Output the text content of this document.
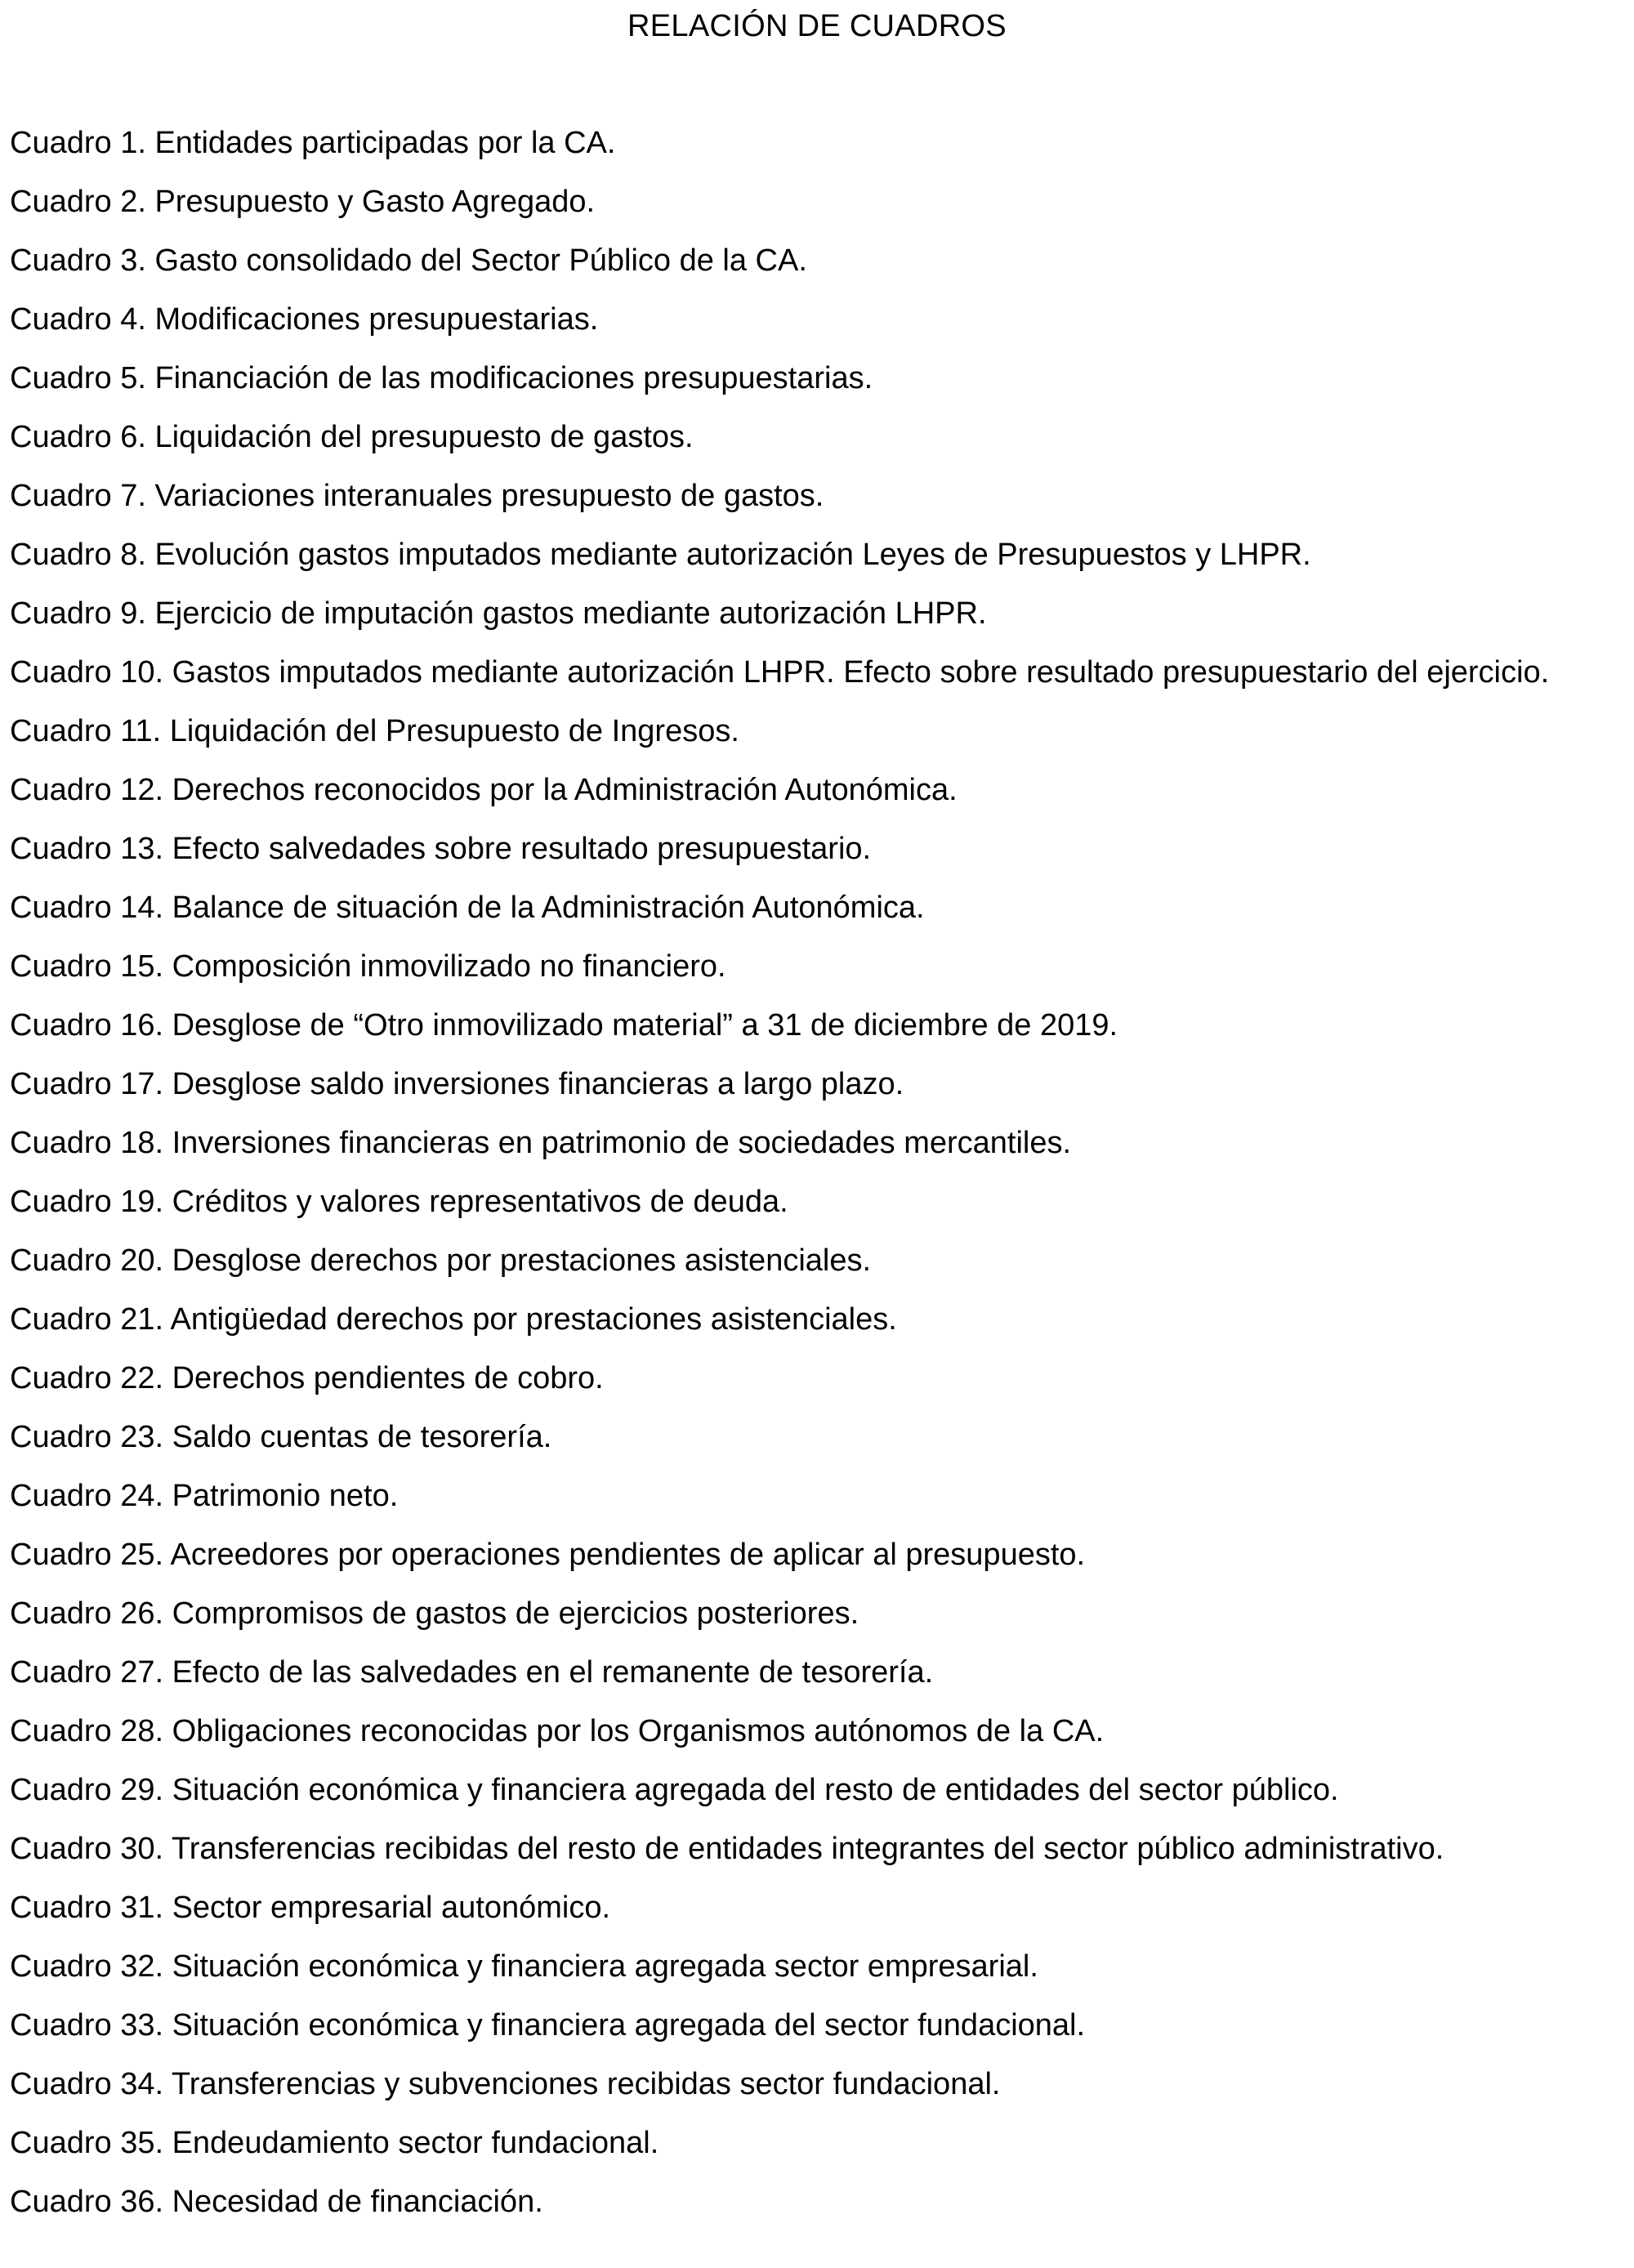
RELACIÓN DE CUADROS
Cuadro 1. Entidades participadas por la CA.
Cuadro 2. Presupuesto y Gasto Agregado.
Cuadro 3. Gasto consolidado del Sector Público de la CA.
Cuadro 4. Modificaciones presupuestarias.
Cuadro 5. Financiación de las modificaciones presupuestarias.
Cuadro 6. Liquidación del presupuesto de gastos.
Cuadro 7. Variaciones interanuales presupuesto de gastos.
Cuadro 8. Evolución gastos imputados mediante autorización Leyes de Presupuestos y LHPR.
Cuadro 9. Ejercicio de imputación gastos mediante autorización LHPR.
Cuadro 10. Gastos imputados mediante autorización LHPR. Efecto sobre resultado presupuestario del ejercicio.
Cuadro 11. Liquidación del Presupuesto de Ingresos.
Cuadro 12. Derechos reconocidos por la Administración Autonómica.
Cuadro 13. Efecto salvedades sobre resultado presupuestario.
Cuadro 14. Balance de situación de la Administración Autonómica.
Cuadro 15. Composición inmovilizado no financiero.
Cuadro 16. Desglose de “Otro inmovilizado material” a 31 de diciembre de 2019.
Cuadro 17. Desglose saldo inversiones financieras a largo plazo.
Cuadro 18. Inversiones financieras en patrimonio de sociedades mercantiles.
Cuadro 19. Créditos y valores representativos de deuda.
Cuadro 20. Desglose derechos por prestaciones asistenciales.
Cuadro 21. Antigüedad derechos por prestaciones asistenciales.
Cuadro 22. Derechos pendientes de cobro.
Cuadro 23. Saldo cuentas de tesorería.
Cuadro 24. Patrimonio neto.
Cuadro 25. Acreedores por operaciones pendientes de aplicar al presupuesto.
Cuadro 26. Compromisos de gastos de ejercicios posteriores.
Cuadro 27. Efecto de las salvedades en el remanente de tesorería.
Cuadro 28. Obligaciones reconocidas por los Organismos autónomos de la CA.
Cuadro 29. Situación económica y financiera agregada del resto de entidades del sector público.
Cuadro 30. Transferencias recibidas del resto de entidades integrantes del sector público administrativo.
Cuadro 31. Sector empresarial autonómico.
Cuadro 32. Situación económica y financiera agregada sector empresarial.
Cuadro 33. Situación económica y financiera agregada del sector fundacional.
Cuadro 34. Transferencias y subvenciones recibidas sector fundacional.
Cuadro 35. Endeudamiento sector fundacional.
Cuadro 36. Necesidad de financiación.
